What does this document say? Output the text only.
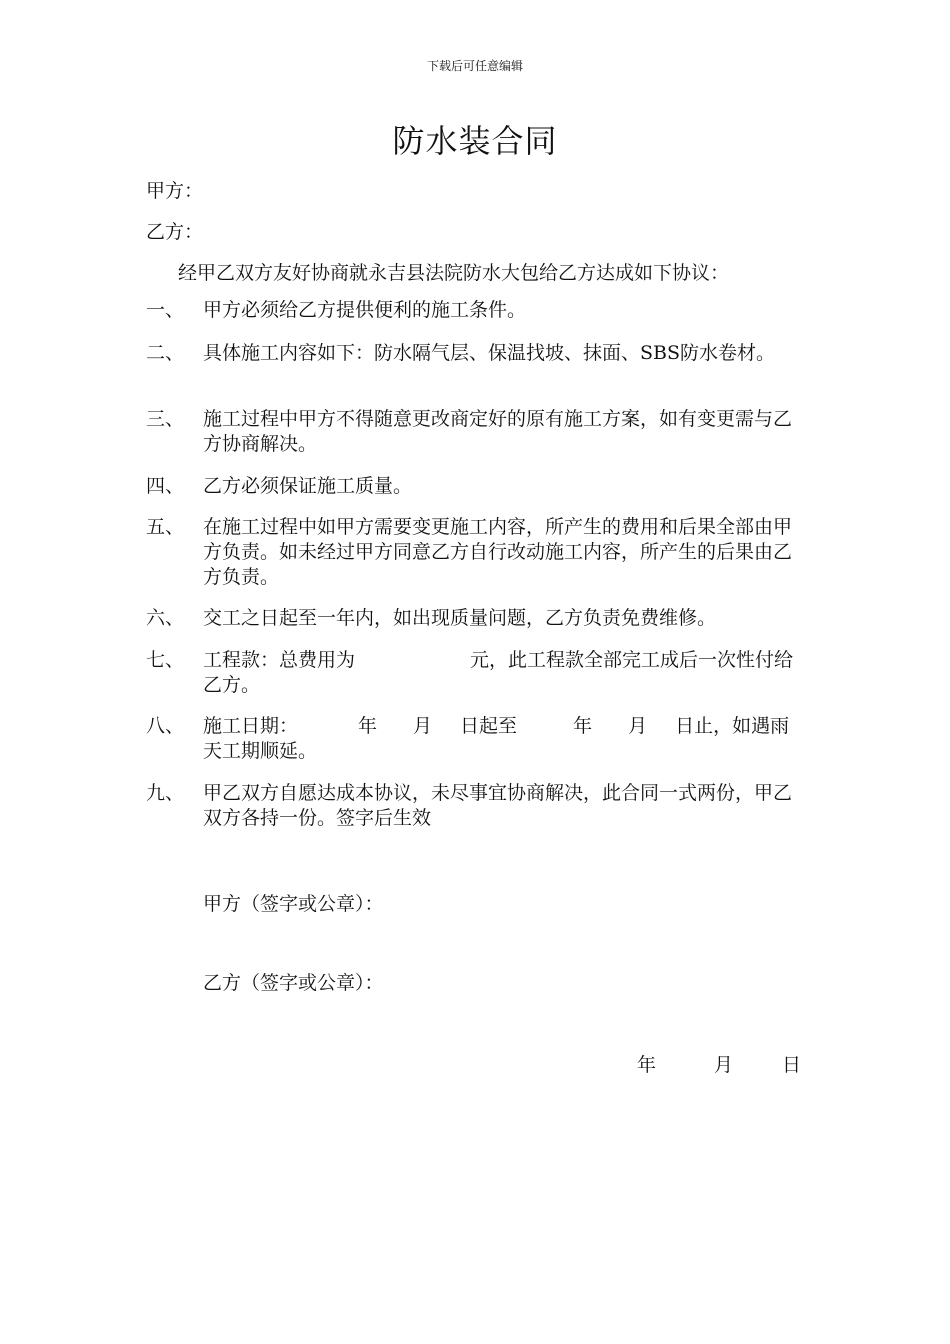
下载后可任意编辑
防水装合同
甲方：
乙方：
经甲乙双方友好协商就永吉县法院防水大包给乙方达成如下协议：
一、 甲方必须给乙方提供便利的施工条件。
二、 具体施工内容如下：防水隔气层、保温找坡、抹面、SBS防水卷材。
三、 施工过程中甲方不得随意更改商定好的原有施工方案，如有变更需与乙方协商解决。
四、 乙方必须保证施工质量。
五、 在施工过程中如甲方需要变更施工内容，所产生的费用和后果全部由甲方负责。如未经过甲方同意乙方自行改动施工内容，所产生的后果由乙方负责。
六、 交工之日起至一年内，如出现质量问题，乙方负责免费维修。
七、 工程款：总费用为	元，此工程款全部完工成后一次性付给乙方。
八、 施工日期：	年 月 日起至	年 月 日止，如遇雨天工期顺延。
九、 甲乙双方自愿达成本协议，未尽事宜协商解决，此合同一式两份，甲乙双方各持一份。签字后生效
甲方（签字或公章）：
乙方（签字或公章）：
年	月	日
